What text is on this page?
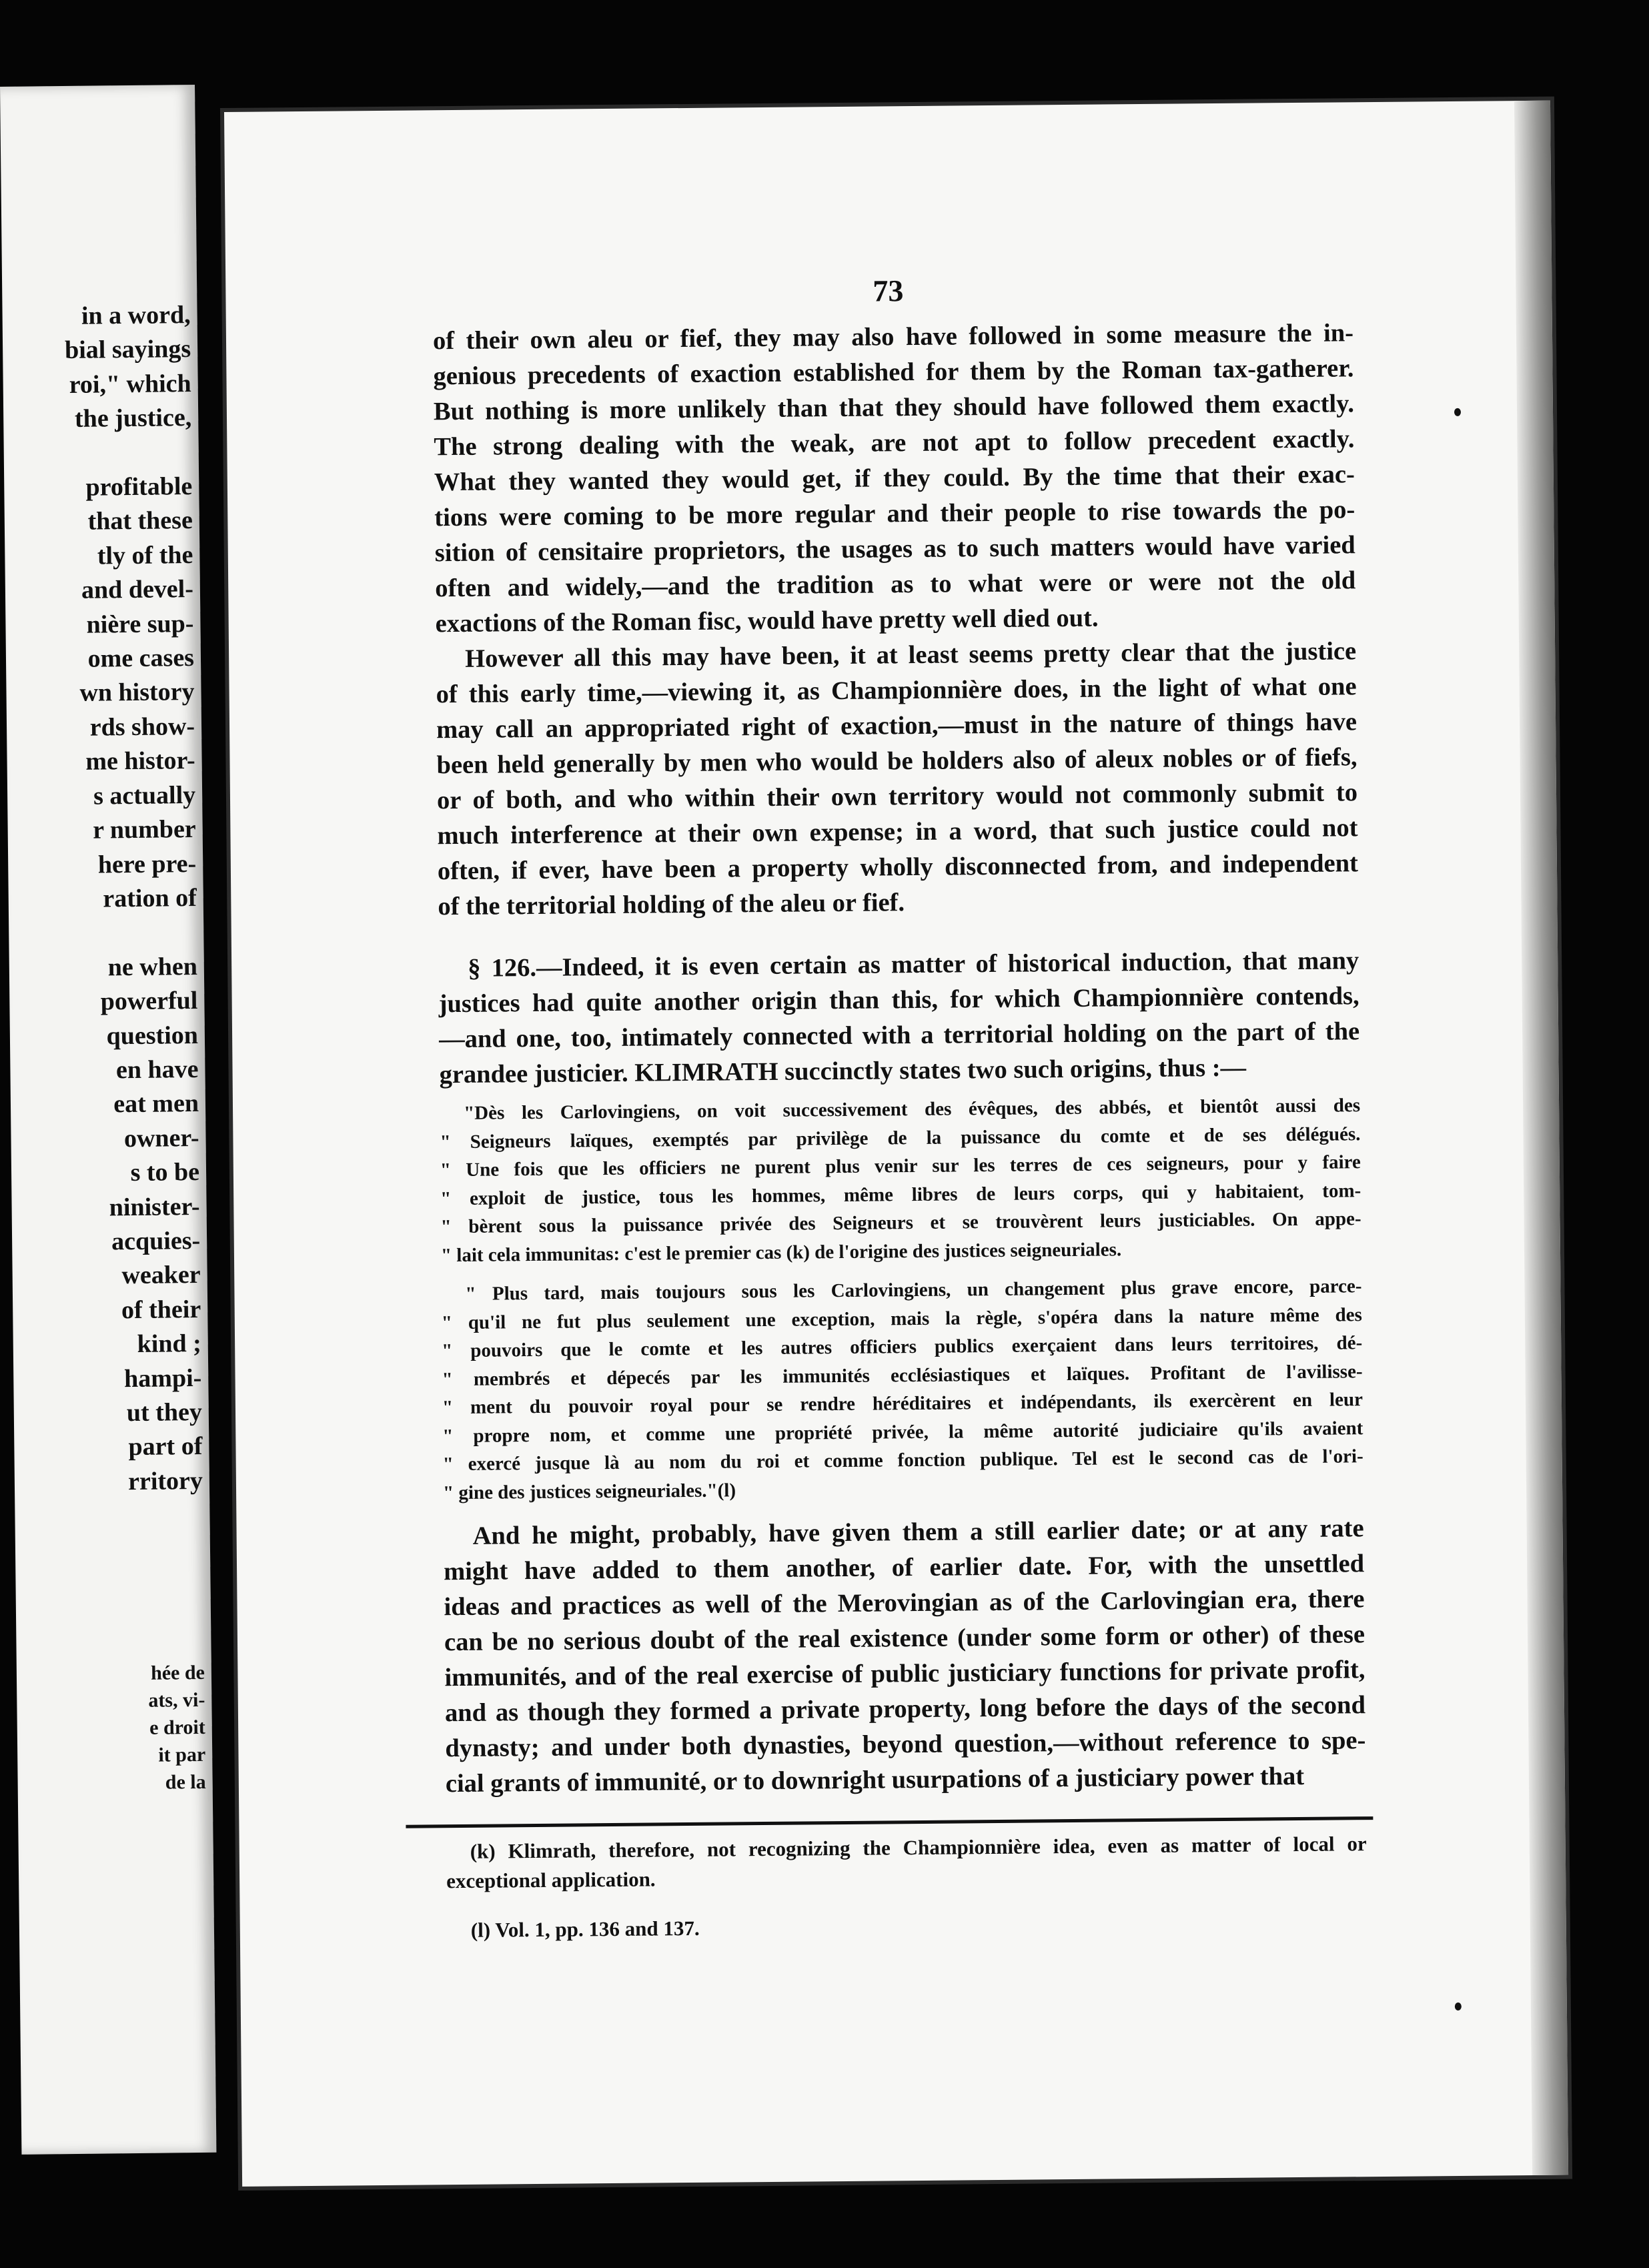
in a word,
bial sayings
roi," which
the justice,

profitable
that these
tly of the
and devel-
nière sup-
ome cases
wn history
rds show-
me histor-
s actually
r number
here pre-
ration of

ne when
powerful
question
en have
eat men
owner-
s to be
ninister-
acquies-
weaker
of their
kind ;
hampi-
ut they
part of
rritory
hée de
ats, vi-
e droit
it par
de la
73
of their own aleu or fief, they may also have followed in some measure the in-
genious precedents of exaction established for them by the Roman tax-gatherer.
But nothing is more unlikely than that they should have followed them exactly.
The strong dealing with the weak, are not apt to follow precedent exactly.
What they wanted they would get, if they could. By the time that their exac-
tions were coming to be more regular and their people to rise towards the po-
sition of censitaire proprietors, the usages as to such matters would have varied
often and widely,—and the tradition as to what were or were not the old
exactions of the Roman fisc, would have pretty well died out.
However all this may have been, it at least seems pretty clear that the justice
of this early time,—viewing it, as Championnière does, in the light of what one
may call an appropriated right of exaction,—must in the nature of things have
been held generally by men who would be holders also of aleux nobles or of fiefs,
or of both, and who within their own territory would not commonly submit to
much interference at their own expense; in a word, that such justice could not
often, if ever, have been a property wholly disconnected from, and independent
of the territorial holding of the aleu or fief.
§ 126.—Indeed, it is even certain as matter of historical induction, that many
justices had quite another origin than this, for which Championnière contends,
—and one, too, intimately connected with a territorial holding on the part of the
grandee justicier. KLIMRATH succinctly states two such origins, thus :—
"Dès les Carlovingiens, on voit successivement des évêques, des abbés, et bientôt aussi des
" Seigneurs laïques, exemptés par privilège de la puissance du comte et de ses délégués.
" Une fois que les officiers ne purent plus venir sur les terres de ces seigneurs, pour y faire
" exploit de justice, tous les hommes, même libres de leurs corps, qui y habitaient, tom-
" bèrent sous la puissance privée des Seigneurs et se trouvèrent leurs justiciables. On appe-
" lait cela immunitas: c'est le premier cas (k) de l'origine des justices seigneuriales.
" Plus tard, mais toujours sous les Carlovingiens, un changement plus grave encore, parce-
" qu'il ne fut plus seulement une exception, mais la règle, s'opéra dans la nature même des
" pouvoirs que le comte et les autres officiers publics exerçaient dans leurs territoires, dé-
" membrés et dépecés par les immunités ecclésiastiques et laïques. Profitant de l'avilisse-
" ment du pouvoir royal pour se rendre héréditaires et indépendants, ils exercèrent en leur
" propre nom, et comme une propriété privée, la même autorité judiciaire qu'ils avaient
" exercé jusque là au nom du roi et comme fonction publique. Tel est le second cas de l'ori-
" gine des justices seigneuriales."(l)
And he might, probably, have given them a still earlier date; or at any rate
might have added to them another, of earlier date. For, with the unsettled
ideas and practices as well of the Merovingian as of the Carlovingian era, there
can be no serious doubt of the real existence (under some form or other) of these
immunités, and of the real exercise of public justiciary functions for private profit,
and as though they formed a private property, long before the days of the second
dynasty; and under both dynasties, beyond question,—without reference to spe-
cial grants of immunité, or to downright usurpations of a justiciary power that
(k) Klimrath, therefore, not recognizing the Championnière idea, even as matter of local or
exceptional application.
(l) Vol. 1, pp. 136 and 137.
